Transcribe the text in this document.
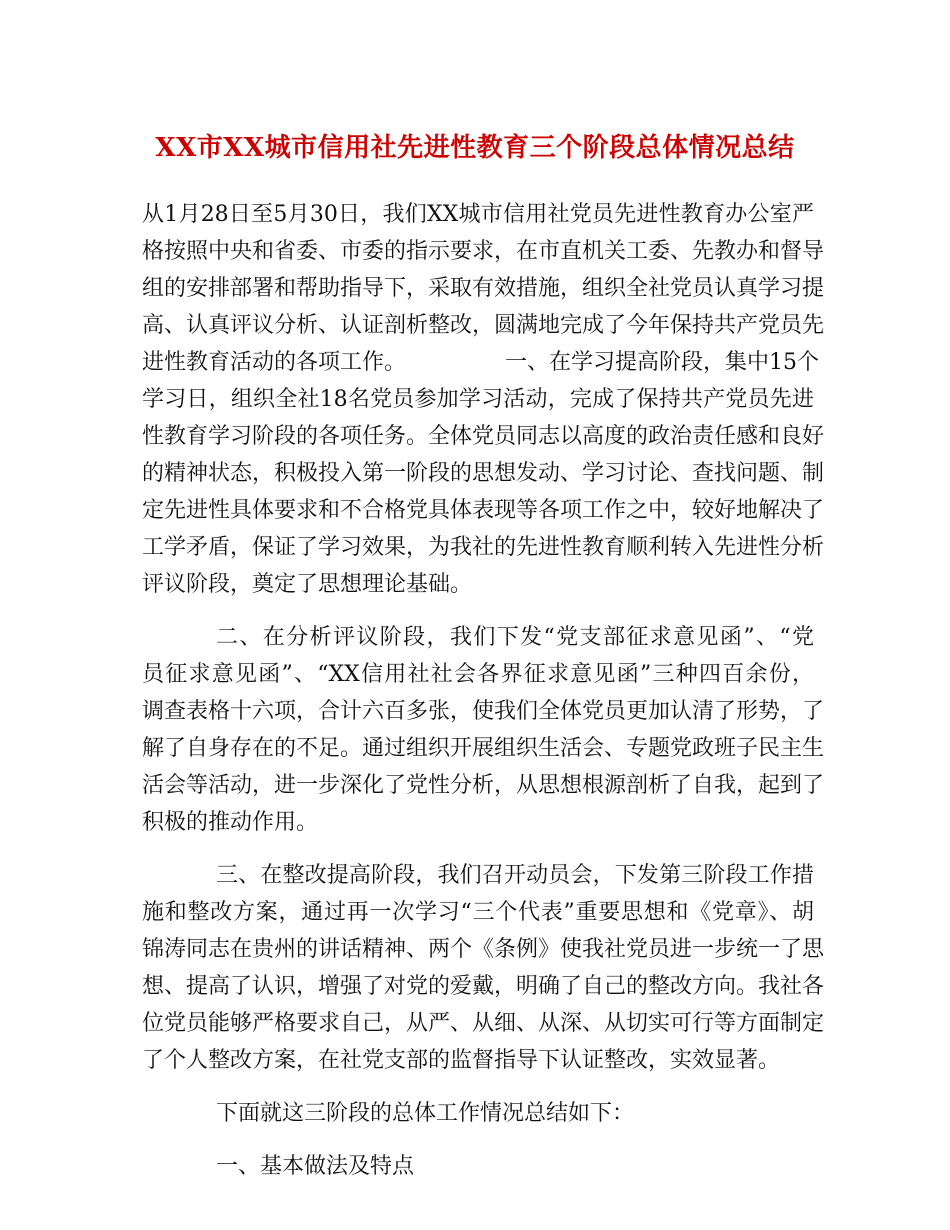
XX市XX城市信用社先进性教育三个阶段总体情况总结
从1月28日至5月30日，我们XX城市信用社党员先进性教育办公室严
格按照中央和省委、市委的指示要求，在市直机关工委、先教办和督导
组的安排部署和帮助指导下，采取有效措施，组织全社党员认真学习提
高、认真评议分析、认证剖析整改，圆满地完成了今年保持共产党员先
进性教育活动的各项工作。　　　　　一、在学习提高阶段，集中15个
学习日，组织全社18名党员参加学习活动，完成了保持共产党员先进
性教育学习阶段的各项任务。全体党员同志以高度的政治责任感和良好
的精神状态，积极投入第一阶段的思想发动、学习讨论、查找问题、制
定先进性具体要求和不合格党具体表现等各项工作之中，较好地解决了
工学矛盾，保证了学习效果，为我社的先进性教育顺利转入先进性分析
评议阶段，奠定了思想理论基础。
二、在分析评议阶段，我们下发“党支部征求意见函”、“党
员征求意见函”、“XX信用社社会各界征求意见函”三种四百余份，
调查表格十六项，合计六百多张，使我们全体党员更加认清了形势，了
解了自身存在的不足。通过组织开展组织生活会、专题党政班子民主生
活会等活动，进一步深化了党性分析，从思想根源剖析了自我，起到了
积极的推动作用。
三、在整改提高阶段，我们召开动员会，下发第三阶段工作措
施和整改方案，通过再一次学习“三个代表”重要思想和《党章》、胡
锦涛同志在贵州的讲话精神、两个《条例》使我社党员进一步统一了思
想、提高了认识，增强了对党的爱戴，明确了自己的整改方向。我社各
位党员能够严格要求自己，从严、从细、从深、从切实可行等方面制定
了个人整改方案，在社党支部的监督指导下认证整改，实效显著。
下面就这三阶段的总体工作情况总结如下：
一、基本做法及特点
